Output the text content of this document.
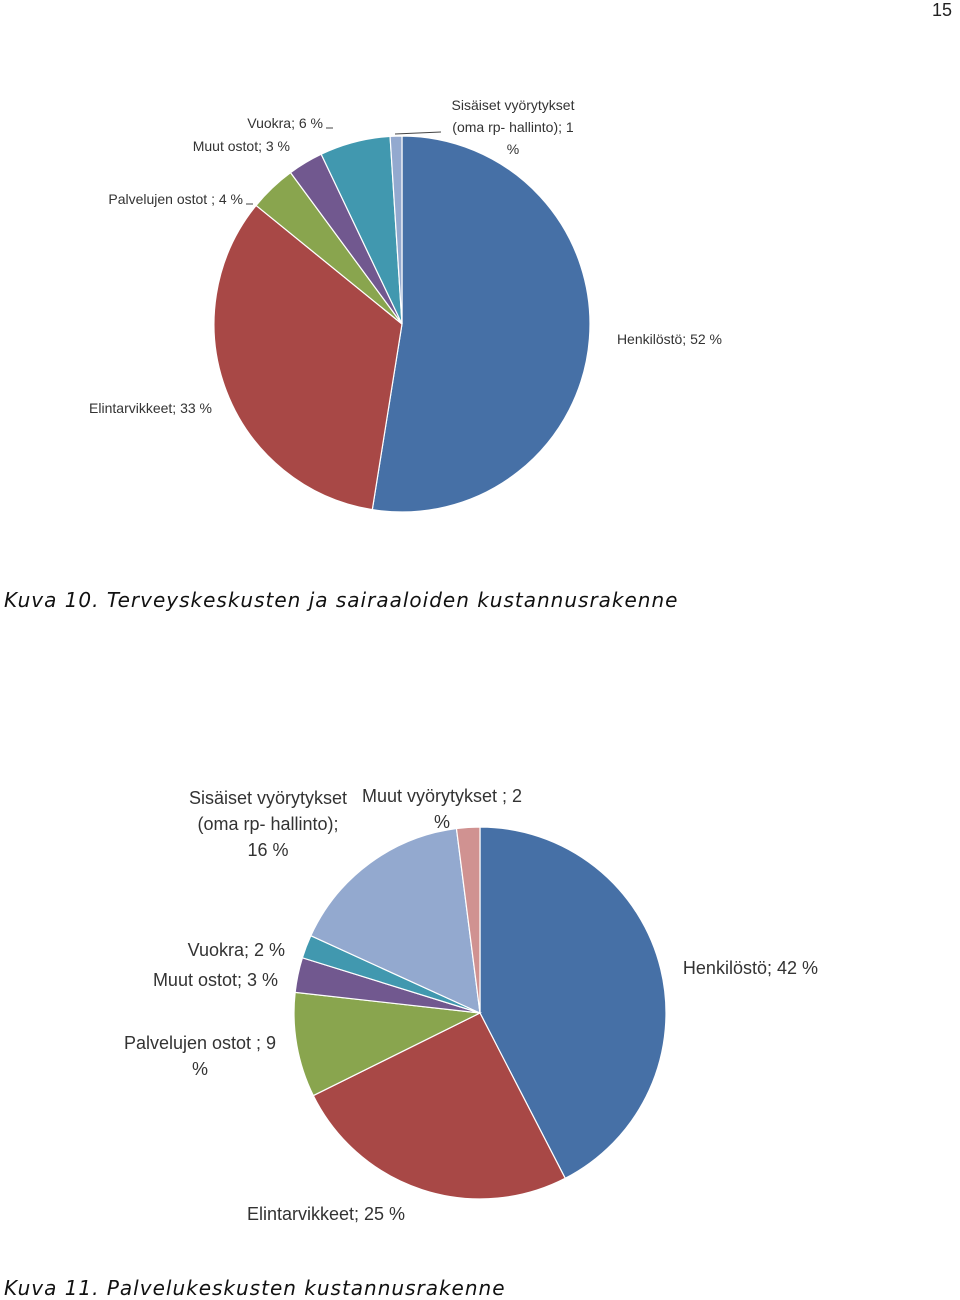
15
Henkilöstö; 52 %
Elintarvikkeet; 33 %
Palvelujen ostot ; 4 %
Muut ostot; 3 %
Vuokra; 6 %
Sisäiset vyörytykset (oma rp- hallinto); 1 %
Kuva 10. Terveyskeskusten ja sairaaloiden kustannusrakenne
Henkilöstö; 42 %
Elintarvikkeet; 25 %
Palvelujen ostot ; 9 %
Muut ostot; 3 %
Vuokra; 2 %
Sisäiset vyörytykset (oma rp- hallinto); 16 %
Muut vyörytykset ; 2 %
Kuva 11. Palvelukeskusten kustannusrakenne
